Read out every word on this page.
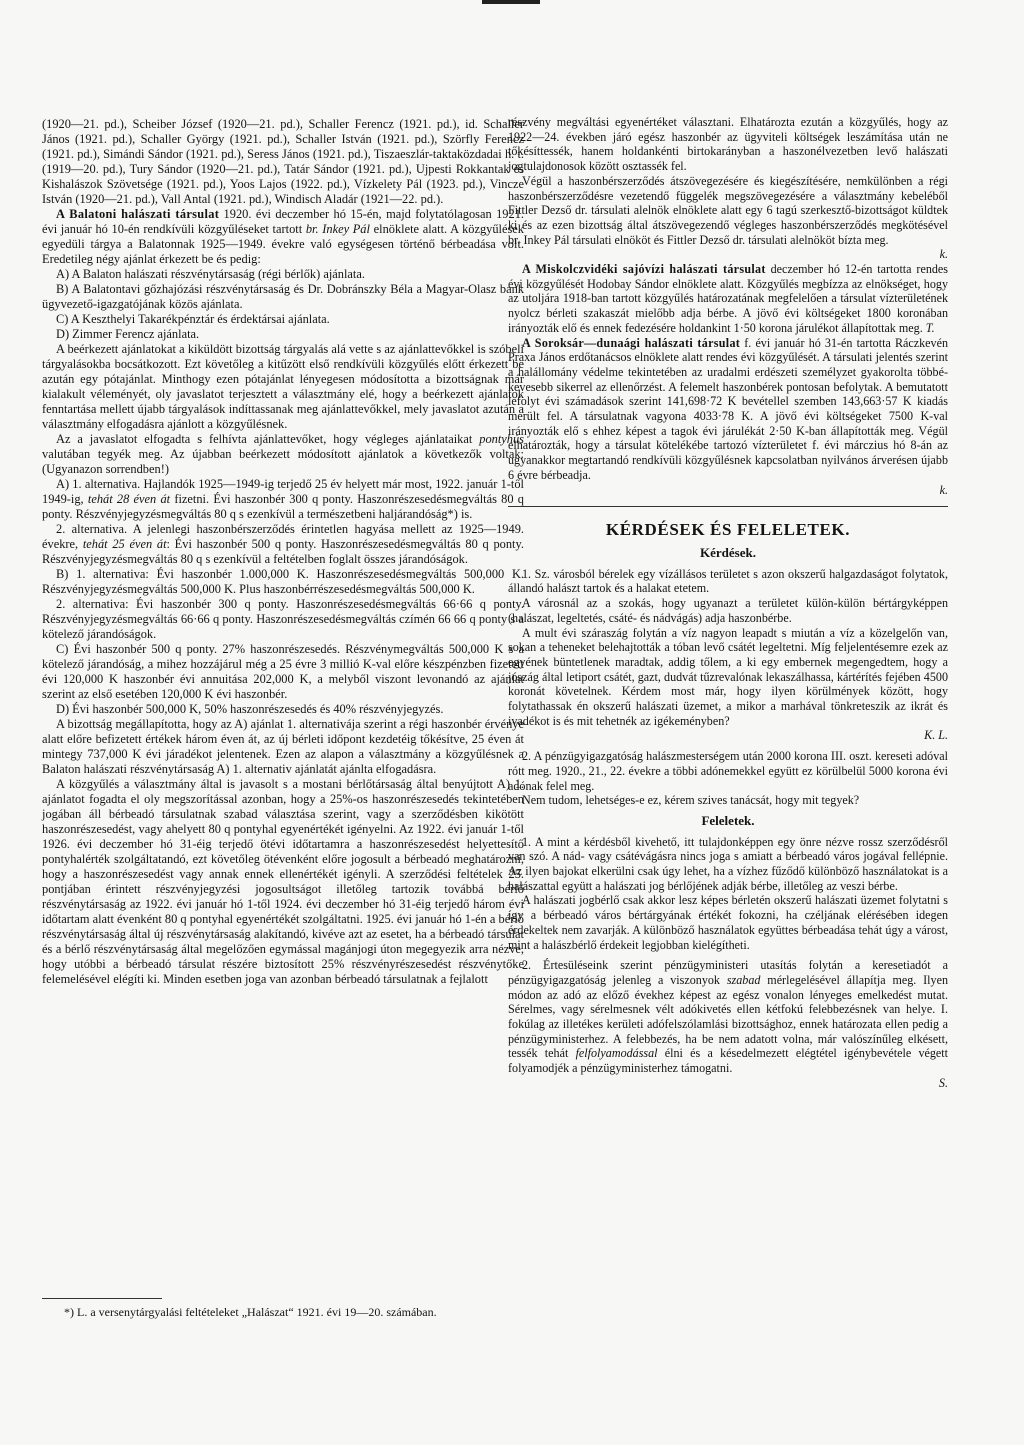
(1920—21. pd.), Scheiber József (1920—21. pd.), Schaller Ferencz (1921. pd.), id. Schaller János (1921. pd.), Schaller György (1921. pd.), Schaller István (1921. pd.), Szörfly Ferencz (1921. pd.), Simándi Sándor (1921. pd.), Seress János (1921. pd.), Tiszaeszlár-taktaközdadai h. t. (1919—20. pd.), Tury Sándor (1920—21. pd.), Tatár Sándor (1921. pd.), Ujpesti Rokkantak és Kishalászok Szövetsége (1921. pd.), Yoos Lajos (1922. pd.), Vízkelety Pál (1923. pd.), Vincze István (1920—21. pd.), Vall Antal (1921. pd.), Windisch Aladár (1921—22. pd.).

A Balatoni halászati társulat 1920. évi deczember hó 15-én, majd folytatólagosan 1921. évi január hó 10-én rendkívüli közgyűléseket tartott br. Inkey Pál elnöklete alatt. A közgyűlések egyedüli tárgya a Balatonnak 1925—1949. évekre való egységesen történő bérbeadása volt. Eredetileg négy ajánlat érkezett be és pedig:

A) A Balaton halászati részvénytársaság (régi bérlők) ajánlata.

B) A Balatontavi gőzhajózási részvénytársaság és Dr. Dobránszky Béla a Magyar-Olasz bank ügyvezető-igazgatójának közös ajánlata.

C) A Keszthelyi Takarékpénztár és érdektársai ajánlata.

D) Zimmer Ferencz ajánlata.

A beérkezett ajánlatokat a kiküldött bizottság tárgyalás alá vette s az ajánlattevőkkel is szóbeli tárgyalásokba bocsátkozott. Ezt követőleg a kitűzött első rendkívüli közgyűlés előtt érkezett be azután egy pótajánlat. Minthogy ezen pótajánlat lényegesen módosította a bizottságnak már kialakult véleményét, oly javaslatot terjesztett a választmány elé, hogy a beérkezett ajánlatok fenntartása mellett újabb tárgyalások indíttassanak meg ajánlattevőkkel, mely javaslatot azután a választmány elfogadásra ajánlott a közgyűlésnek.

Az a javaslatot elfogadta s felhívta ajánlattevőket, hogy végleges ajánlataikat pontyhús valutában tegyék meg. Az újabban beérkezett módosított ajánlatok a következők voltak: (Ugyanazon sorrendben!)

A) 1. alternativa. Hajlandók 1925—1949-ig terjedő 25 év helyett már most, 1922. január 1-től 1949-ig, tehát 28 éven át fizetni. Évi haszonbér 300 q ponty. Haszonrészesedésmegváltás 80 q ponty. Részvényjegyzésmegváltás 80 q s ezenkívül a természetbeni haljárandóság*) is.

2. alternativa. A jelenlegi haszonbérszerződés érintetlen hagyása mellett az 1925—1949. évekre, tehát 25 éven át: Évi haszonbér 500 q ponty. Haszonrészesedésmegváltás 80 q ponty. Részvényjegyzésmegváltás 80 q s ezenkívül a feltételben foglalt összes járandóságok.

B) 1. alternativa: Évi haszonbér 1.000,000 K. Haszonrészesedésmegváltás 500,000 K. Részvényjegyzésmegváltás 500,000 K. Plus haszonbérrészesedésmegváltás 500,000 K.

2. alternativa: Évi haszonbér 300 q ponty. Haszonrészesedésmegváltás 66·66 q ponty. Részvényjegyzésmegváltás 66·66 q ponty. Haszonrészesedésmegváltás czímén 66 66 q ponty s a kötelező járandóságok.

C) Évi haszonbér 500 q ponty. 27% haszonrészesedés. Részvénymegváltás 500,000 K s a kötelező járandóság, a mihez hozzájárul még a 25 évre 3 millió K-val előre készpénzben fizetett évi 120,000 K haszonbér évi annuitása 202,000 K, a melyből viszont levonandó az ajánlat szerint az első esetében 120,000 K évi haszonbér.

D) Évi haszonbér 500,000 K, 50% haszonrészesedés és 40% részvényjegyzés.

A bizottság megállapította, hogy az A) ajánlat 1. alternativája szerint a régi haszonbér érvénye alatt előre befizetett értékek három éven át, az új bérleti időpont kezdetéig tőkésítve, 25 éven át mintegy 737,000 K évi járadékot jelentenek. Ezen az alapon a választmány a közgyűlésnek a Balaton halászati részvénytársaság A) 1. alternativ ajánlatát ajánlta elfogadásra.

A közgyűlés a választmány által is javasolt s a mostani bérlőtársaság által benyújtott A) 1. ajánlatot fogadta el oly megszorítással azonban, hogy a 25%-os haszonrészesedés tekintetében jogában áll bérbeadó társulatnak szabad választása szerint, vagy a szerződésben kikötött haszonrészesedést, vagy ahelyett 80 q pontyhal egyenértékét igényelni. Az 1922. évi január 1-től 1926. évi deczember hó 31-éig terjedő ötévi időtartamra a haszonrészesedést helyettesítő pontyhalérték szolgáltatandó, ezt követőleg ötévenként előre jogosult a bérbeadó meghatározni, hogy a haszonrészesedést vagy annak ennek ellenértékét igényli. A szerződési feltételek 25. pontjában érintett részvényjegyzési jogosultságot illetőleg tartozik továbbá bérlő részvénytársaság az 1922. évi január hó 1-től 1924. évi deczember hó 31-éig terjedő három évi időtartam alatt évenként 80 q pontyhal egyenértékét szolgáltatni. 1925. évi január hó 1-én a bérlő részvénytársaság által új részvénytársaság alakítandó, kivéve azt az esetet, ha a bérbeadó társulat és a bérlő részvénytársaság által megelőzően egymással magánjogi úton megegyezik arra nézve, hogy utóbbi a bérbeadó társulat részére biztosított 25% részvényrészesedést részvénytőke felemelésével elégíti ki. Minden esetben joga van azonban bérbeadó társulatnak a fejlalott

*) L. a versenytárgyalási feltételeket „Halászat“ 1921. évi 19—20. számában.

részvény megváltási egyenértéket választani. Elhatározta ezután a közgyűlés, hogy az 1922—24. években járó egész haszonbér az ügyviteli költségek leszámítása után ne tőkésíttessék, hanem holdankénti birtokarányban a haszonélvezetben levő halászati jogtulajdonosok között osztassék fel.

Végül a haszonbérszerződés átszövegezésére és kiegészítésére, nemkülönben a régi haszonbérszerződésre vezetendő függelék megszövegezésére a választmány kebeléből Fittler Dezső dr. társulati alelnök elnöklete alatt egy 6 tagú szerkesztő-bizottságot küldtek ki és az ezen bizottság által átszövegezendő végleges haszonbérszerződés megkötésével br. Inkey Pál társulati elnököt és Fittler Dezső dr. társulati alelnököt bízta meg.

k.

A Miskolczvidéki sajóvízi halászati társulat deczember hó 12-én tartotta rendes évi közgyűlését Hodobay Sándor elnöklete alatt. Közgyűlés megbízza az elnökséget, hogy az utoljára 1918-ban tartott közgyűlés határozatának megfelelően a társulat vízterületének nyolcz bérleti szakaszát mielőbb adja bérbe. A jövő évi költségeket 1800 koronában irányozták elő és ennek fedezésére holdankint 1·50 korona járulékot állapítottak meg. T.

A Soroksár—dunaági halászati társulat f. évi január hó 31-én tartotta Ráczkevén Praxa János erdőtanácsos elnöklete alatt rendes évi közgyűlését. A társulati jelentés szerint a halállomány védelme tekintetében az uradalmi erdészeti személyzet gyakorolta többé-kevesebb sikerrel az ellenőrzést. A felemelt haszonbérek pontosan befolytak. A bemutatott lefolyt évi számadások szerint 141,698·72 K bevétellel szemben 143,663·57 K kiadás merült fel. A társulatnak vagyona 4033·78 K. A jövő évi költségeket 7500 K-val irányozták elő s ehhez képest a tagok évi járulékát 2·50 K-ban állapították meg. Végül elhatározták, hogy a társulat kötelékébe tartozó vízterületet f. évi márczius hó 8-án az ugyanakkor megtartandó rendkívüli közgyűlésnek kapcsolatban nyilvános árverésen újabb 6 évre bérbeadja.

k.
KÉRDÉSEK ÉS FELELETEK.
Kérdések.

1. Sz. városból bérelek egy vízállásos területet s azon okszerű halgazdaságot folytatok, állandó halászt tartok és a halakat etetem.

A városnál az a szokás, hogy ugyanazt a területet külön-külön bértárgyképpen (halászat, legeltetés, csáté- és nádvágás) adja haszonbérbe.

A mult évi száraszág folytán a víz nagyon leapadt s miután a víz a közelgelőn van, sokan a teheneket belehajtották a tóban levő csátét legeltetni. Míg feljelentésemre ezek az egyének büntetlenek maradtak, addig tőlem, a ki egy embernek megengedtem, hogy a jószág által letiport csátét, gazt, dudvát tűzrevalónak lekaszálhassa, kártérítés fejében 4500 koronát követelnek. Kérdem most már, hogy ilyen körülmények között, hogy folytathassak én okszerű halászati üzemet, a mikor a marhával tönkreteszik az ikrát és ivadékot is és mit tehetnék az igékeményben?

K. L.

2. A pénzügyigazgatóság halászmesterségem után 2000 korona III. oszt. kereseti adóval rótt meg. 1920., 21., 22. évekre a többi adónemekkel együtt ez körülbelül 5000 korona évi adónak felel meg.

Nem tudom, lehetséges-e ez, kérem szives tanácsát, hogy mit tegyek?

Feleletek.

1. A mint a kérdésből kivehető, itt tulajdonképpen egy önre nézve rossz szerződésről van szó. A nád- vagy csátévágásra nincs joga s amiatt a bérbeadó város jogával fellépnie. Az ilyen bajokat elkerülni csak úgy lehet, ha a vízhez fűződő különböző használatokat is a halászattal együtt a halászati jog bérlőjének adják bérbe, illetőleg az veszi bérbe.

A halászati jogbérlő csak akkor lesz képes bérletén okszerű halászati üzemet folytatni s így a bérbeadó város bértárgyának értékét fokozni, ha czéljának elérésében idegen érdekeltek nem zavarják. A különböző használatok együttes bérbeadása tehát úgy a várost, mint a halászbérlő érdekeit legjobban kielégítheti.

2. Értesüléseink szerint pénzügyministeri utasítás folytán a keresetiadót a pénzügyigazgatóság jelenleg a viszonyok szabad mérlegelésével állapítja meg. Ilyen módon az adó az előző évekhez képest az egész vonalon lényeges emelkedést mutat. Sérelmes, vagy sérelmesnek vélt adókivetés ellen kétfokú felebbezésnek van helye. I. fokúlag az illetékes kerületi adófelszólamlási bizottsághoz, ennek határozata ellen pedig a pénzügyministerhez. A felebbezés, ha be nem adatott volna, már valószínűleg elkésett, tessék tehát felfolyamodással élni és a késedelmezett elégtétel igénybevétele végett folyamodjék a pénzügyministerhez támogatni.

S.
